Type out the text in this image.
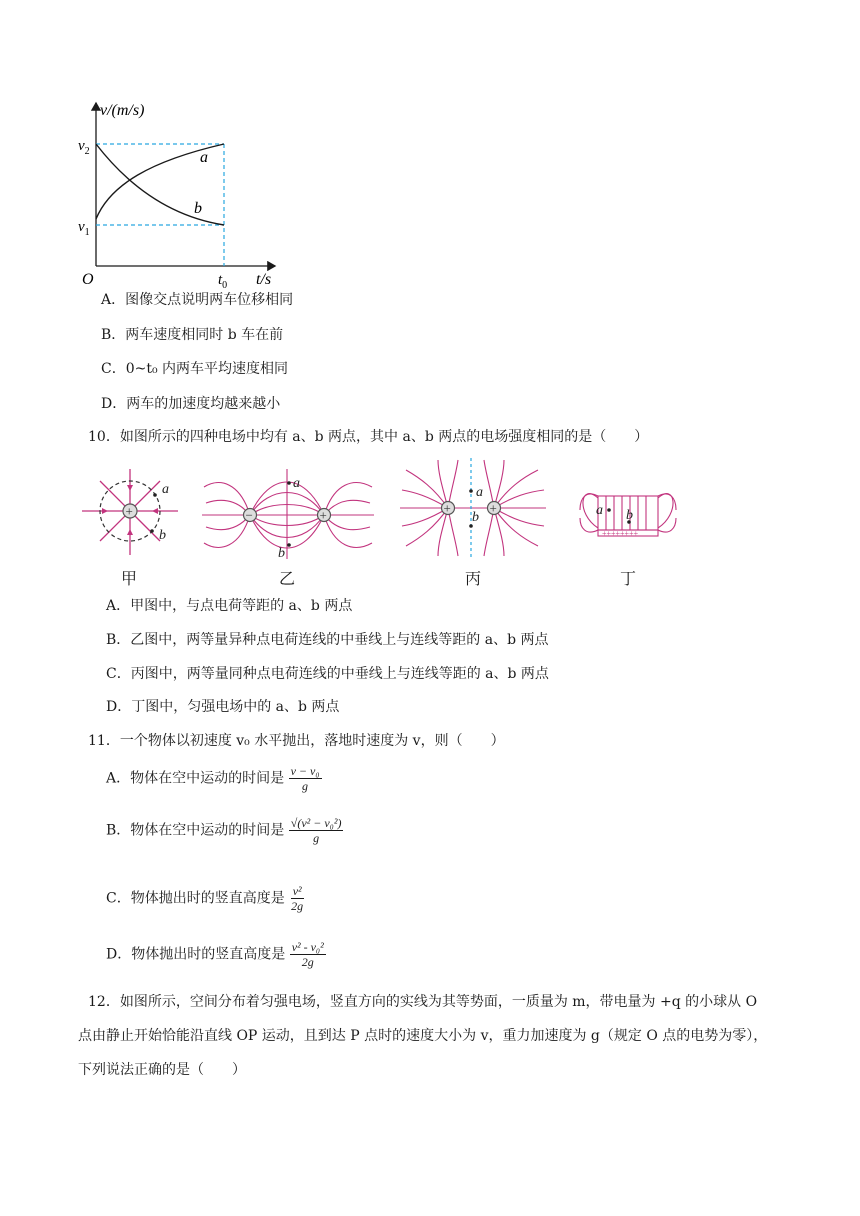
v/(m/s)
$v_2$
$v_1$
O	$t_0$ t/s
a
b
A．图像交点说明两车位移相同
B．两车速度相同时 b 车在前
C．0~t₀ 内两车平均速度相同
D．两车的加速度均越来越小
10．如图所示的四种电场中均有 a、b 两点，其中 a、b 两点的电场强度相同的是（　　）
+
a
b
甲
−	+
a
b
乙
+	+
a
b
丙
++++++++
a b
丁
A．甲图中，与点电荷等距的 a、b 两点
B．乙图中，两等量异种点电荷连线的中垂线上与连线等距的 a、b 两点
C．丙图中，两等量同种点电荷连线的中垂线上与连线等距的 a、b 两点
D．丁图中，匀强电场中的 a、b 两点
11．一个物体以初速度 v₀ 水平抛出，落地时速度为 v，则（　　）
A．物体在空中运动的时间是 $\frac{\text{v − v₀}}{g}$
B．物体在空中运动的时间是 $\frac{\text{√(v² − v₀²)}}{g}$
C．物体抛出时的竖直高度是 $\frac{\text{v²}}{2g}$
D．物体抛出时的竖直高度是 $\frac{\text{v² - v₀²}}{2g}$
12．如图所示，空间分布着匀强电场，竖直方向的实线为其等势面，一质量为 m，带电量为 +q 的小球从 O
点由静止开始恰能沿直线 OP 运动，且到达 P 点时的速度大小为 v，重力加速度为 g（规定 O 点的电势为零），
下列说法正确的是（　　）
